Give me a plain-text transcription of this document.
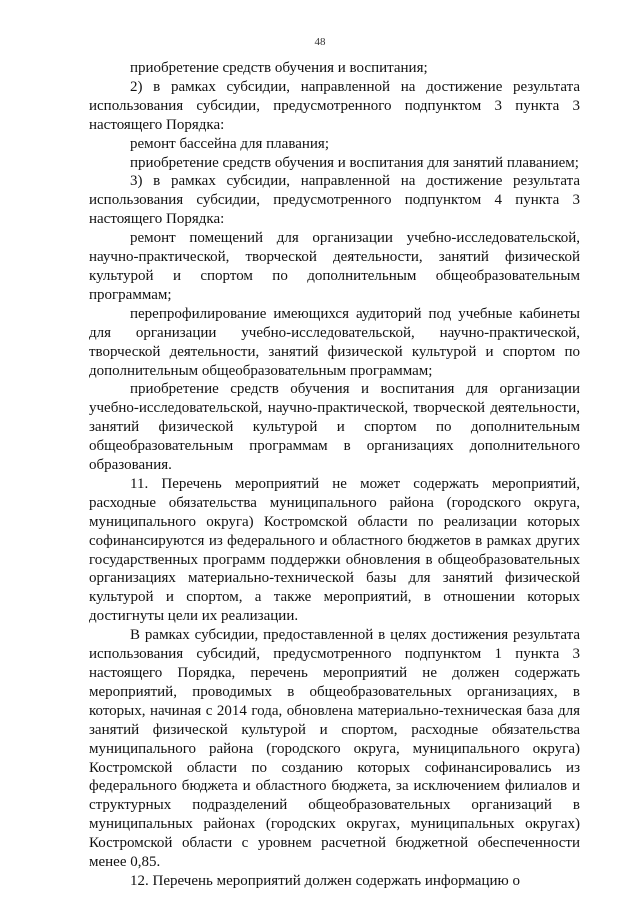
48

приобретение средств обучения и воспитания;

2) в рамках субсидии, направленной на достижение результата использования субсидии, предусмотренного подпунктом 3 пункта 3 настоящего Порядка:

ремонт бассейна для плавания;

приобретение средств обучения и воспитания для занятий плаванием;

3) в рамках субсидии, направленной на достижение результата использования субсидии, предусмотренного подпунктом 4 пункта 3 настоящего Порядка:

ремонт помещений для организации учебно-исследовательской, научно-практической, творческой деятельности, занятий физической культурой и спортом по дополнительным общеобразовательным программам;

перепрофилирование имеющихся аудиторий под учебные кабинеты для организации учебно-исследовательской, научно-практической, творческой деятельности, занятий физической культурой и спортом по дополнительным общеобразовательным программам;

приобретение средств обучения и воспитания для организации учебно-исследовательской, научно-практической, творческой деятельности, занятий физической культурой и спортом по дополнительным общеобразовательным программам в организациях дополнительного образования.

11. Перечень мероприятий не может содержать мероприятий, расходные обязательства муниципального района (городского округа, муниципального округа) Костромской области по реализации которых софинансируются из федерального и областного бюджетов в рамках других государственных программ поддержки обновления в общеобразовательных организациях материально-технической базы для занятий физической культурой и спортом, а также мероприятий, в отношении которых достигнуты цели их реализации.

В рамках субсидии, предоставленной в целях достижения результата использования субсидий, предусмотренного подпунктом 1 пункта 3 настоящего Порядка, перечень мероприятий не должен содержать мероприятий, проводимых в общеобразовательных организациях, в которых, начиная с 2014 года, обновлена материально-техническая база для занятий физической культурой и спортом, расходные обязательства муниципального района (городского округа, муниципального округа) Костромской области по созданию которых софинансировались из федерального бюджета и областного бюджета, за исключением филиалов и структурных подразделений общеобразовательных организаций в муниципальных районах (городских округах, муниципальных округах) Костромской области с уровнем расчетной бюджетной обеспеченности менее 0,85.

12. Перечень мероприятий должен содержать информацию о
